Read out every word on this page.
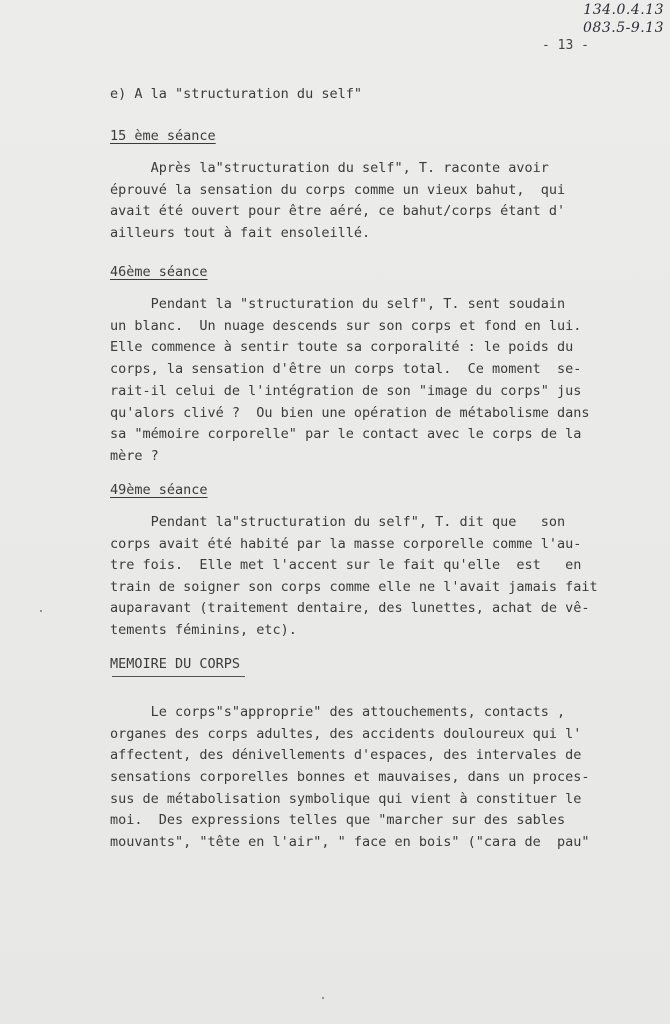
134.0.4.13
083.5-9.13
- 13 -
e) A la "structuration du self"
15 ème séance
Après la"structuration du self", T. raconte avoir
éprouvé la sensation du corps comme un vieux bahut,  qui
avait été ouvert pour être aéré, ce bahut/corps étant d'
ailleurs tout à fait ensoleillé.
46ème séance
Pendant la "structuration du self", T. sent soudain
un blanc.  Un nuage descends sur son corps et fond en lui.
Elle commence à sentir toute sa corporalité : le poids du
corps, la sensation d'être un corps total.  Ce moment  se-
rait-il celui de l'intégration de son "image du corps" jus
qu'alors clivé ?  Ou bien une opération de métabolisme dans
sa "mémoire corporelle" par le contact avec le corps de la
mère ?
49ème séance
Pendant la"structuration du self", T. dit que   son
corps avait été habité par la masse corporelle comme l'au-
tre fois.  Elle met l'accent sur le fait qu'elle  est   en
train de soigner son corps comme elle ne l'avait jamais fait
auparavant (traitement dentaire, des lunettes, achat de vê-
tements féminins, etc).
MEMOIRE DU CORPS
Le corps"s"approprie" des attouchements, contacts ,
organes des corps adultes, des accidents douloureux qui l'
affectent, des dénivellements d'espaces, des intervales de
sensations corporelles bonnes et mauvaises, dans un proces-
sus de métabolisation symbolique qui vient à constituer le
moi.  Des expressions telles que "marcher sur des sables
mouvants", "tête en l'air", " face en bois" ("cara de  pau"
